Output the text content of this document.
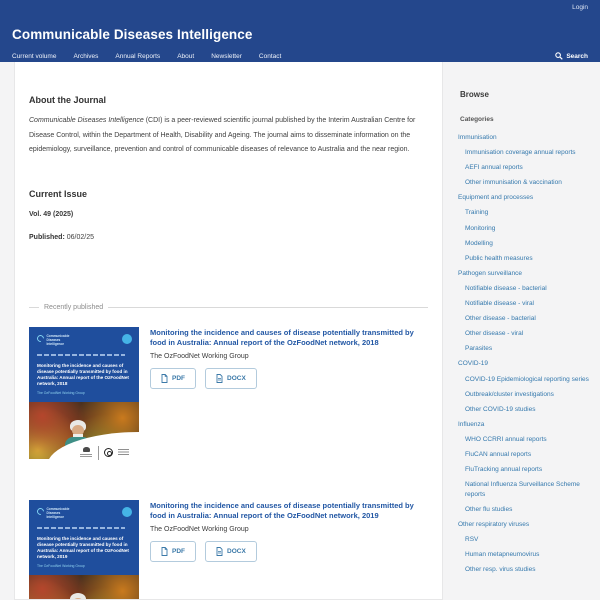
Login
Communicable Diseases Intelligence
Current volume	Archives	Annual Reports	About	Newsletter	Contact	Search
About the Journal

Communicable Diseases Intelligence (CDI) is a peer-reviewed scientific journal published by the Interim Australian Centre for Disease Control, within the Department of Health, Disability and Ageing. The journal aims to disseminate information on the epidemiology, surveillance, prevention and control of communicable diseases of relevance to Australia and the near region.

Current Issue
Vol. 49 (2025)
Published: 06/02/25
Recently published
Communicable Diseases Intelligence
Monitoring the incidence and causes of disease potentially transmitted by food in Australia: Annual report of the OzFoodNet network, 2018
The OzFoodNet Working Group
Monitoring the incidence and causes of disease potentially transmitted by food in Australia: Annual report of the OzFoodNet network, 2018
The OzFoodNet Working Group
PDF	DOCX
Communicable Diseases Intelligence
Monitoring the incidence and causes of disease potentially transmitted by food in Australia: Annual report of the OzFoodNet network, 2019
The OzFoodNet Working Group
Monitoring the incidence and causes of disease potentially transmitted by food in Australia: Annual report of the OzFoodNet network, 2019
The OzFoodNet Working Group
PDF	DOCX
Browse
Categories
Immunisation
Immunisation coverage annual reports
AEFI annual reports
Other immunisation & vaccination
Equipment and processes
Training
Monitoring
Modelling
Public health measures
Pathogen surveillance
Notifiable disease - bacterial
Notifiable disease - viral
Other disease - bacterial
Other disease - viral
Parasites
COVID-19
COVID-19 Epidemiological reporting series
Outbreak/cluster investigations
Other COVID-19 studies
Influenza
WHO CCRRI annual reports
FluCAN annual reports
FluTracking annual reports
National Influenza Surveillance Scheme reports
Other flu studies
Other respiratory viruses
RSV
Human metapneumovirus
Other resp. virus studies
